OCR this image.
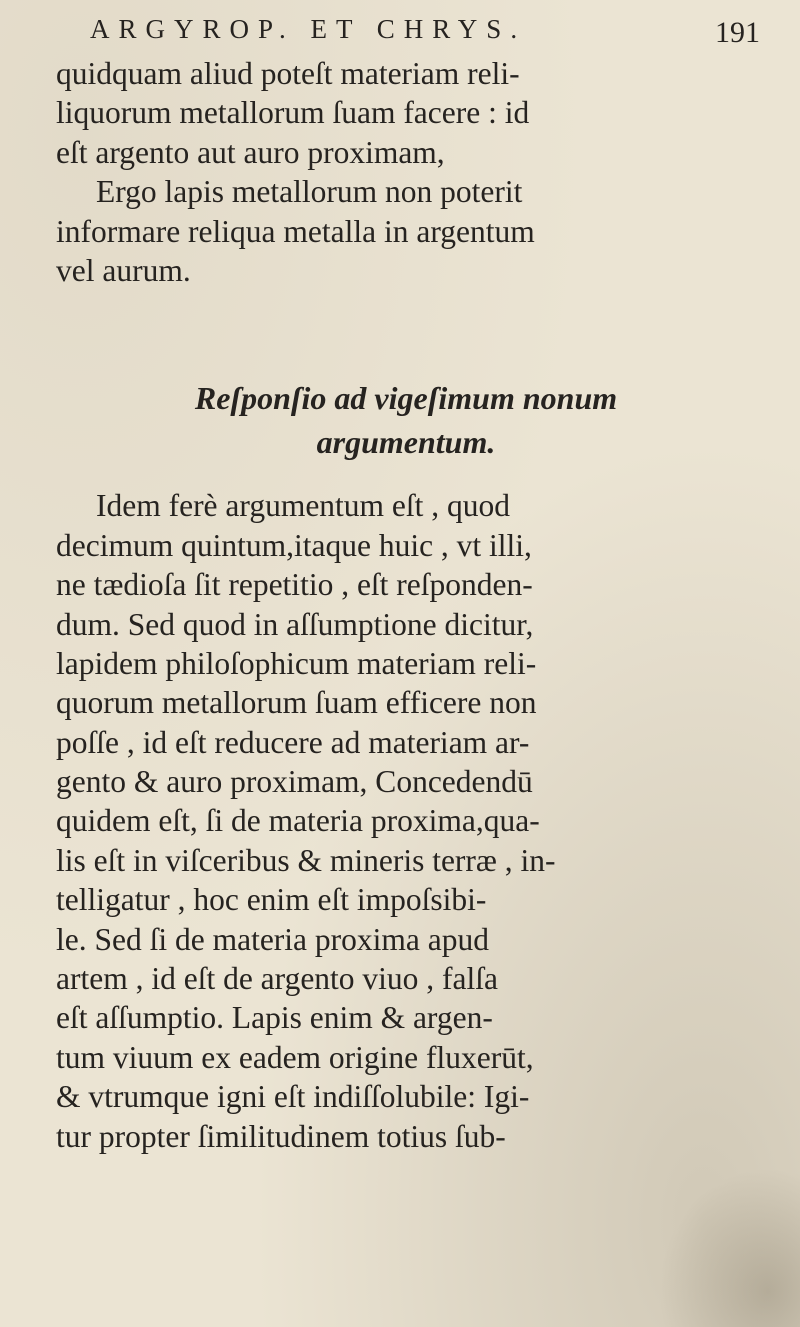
ARGYROP. ET CHRYS.	191
quidquam aliud poteſt materiam reli-
liquorum metallorum ſuam facere : id
eſt argento aut auro proximam,
Ergo lapis metallorum non poterit
informare reliqua metalla in argentum
vel aurum.
Reſponſio ad vigeſimum nonum
argumentum.
Idem ferè argumentum eſt , quod
decimum quintum,itaque huic , vt illi,
ne tædioſa ſit repetitio , eſt reſponden-
dum. Sed quod in aſſumptione dicitur,
lapidem philoſophicum materiam reli-
quorum metallorum ſuam efficere non
poſſe , id eſt reducere ad materiam ar-
gento & auro proximam, Concedendū
quidem eſt, ſi de materia proxima,qua-
lis eſt in viſceribus & mineris terræ , in-
telligatur , hoc enim eſt impoſsibi-
le. Sed ſi de materia proxima apud
artem , id eſt de argento viuo , falſa
eſt aſſumptio. Lapis enim & argen-
tum viuum ex eadem origine fluxerūt,
& vtrumque igni eſt indiſſolubile: Igi-
tur propter ſimilitudinem totius ſub-
